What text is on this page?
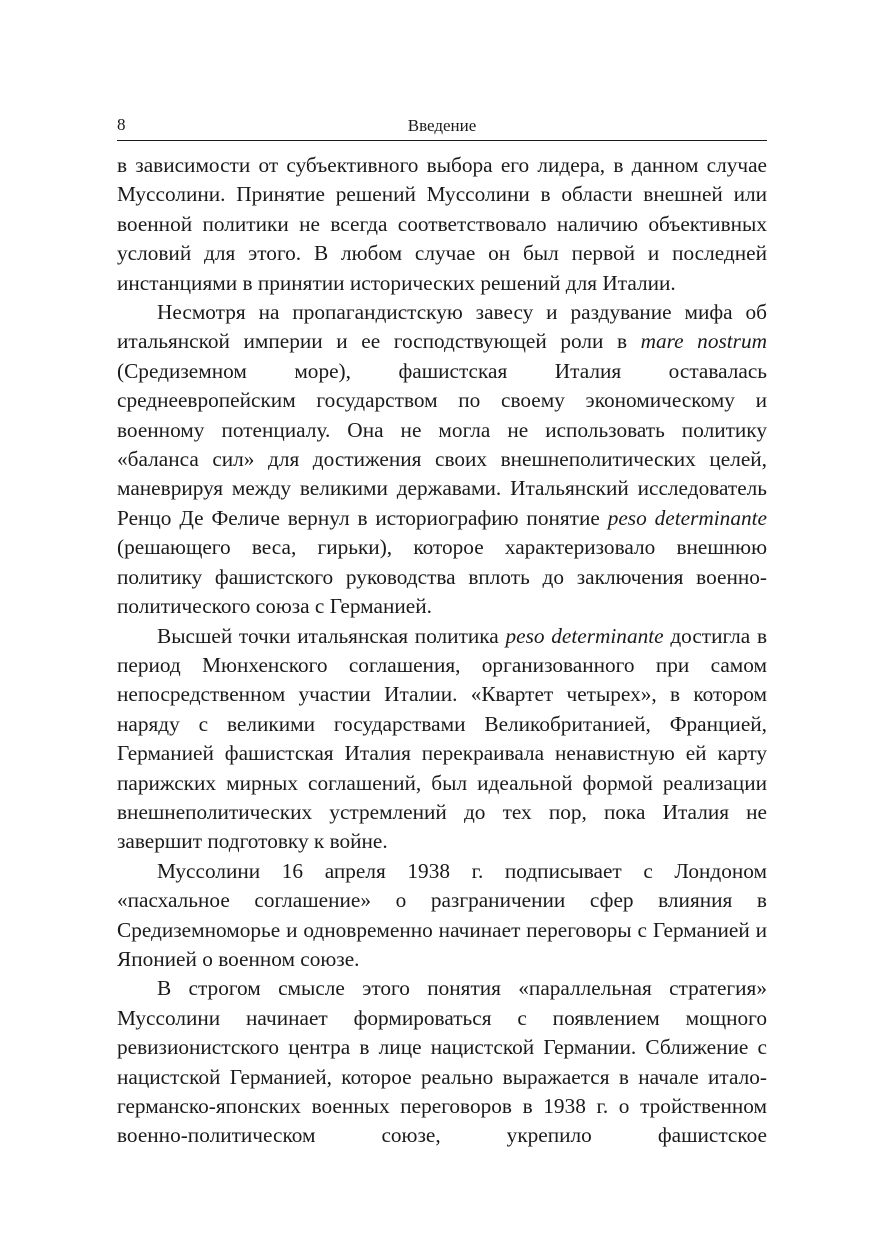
8	Введение

в зависимости от субъективного выбора его лидера, в данном случае Муссолини. Принятие решений Муссолини в области внешней или военной политики не всегда соответствовало наличию объективных условий для этого. В любом случае он был первой и последней инстанциями в принятии исторических решений для Италии.

Несмотря на пропагандистскую завесу и раздувание мифа об итальянской империи и ее господствующей роли в mare nostrum (Средиземном море), фашистская Италия оставалась среднеевропейским государством по своему экономическому и военному потенциалу. Она не могла не использовать политику «баланса сил» для достижения своих внешнеполитических целей, маневрируя между великими державами. Итальянский исследователь Ренцо Де Феличе вернул в историографию понятие peso determinante (решающего веса, гирьки), которое характеризовало внешнюю политику фашистского руководства вплоть до заключения военно-политического союза с Германией.

Высшей точки итальянская политика peso determinante достигла в период Мюнхенского соглашения, организованного при самом непосредственном участии Италии. «Квартет четырех», в котором наряду с великими государствами Великобританией, Францией, Германией фашистская Италия перекраивала ненавистную ей карту парижских мирных соглашений, был идеальной формой реализации внешнеполитических устремлений до тех пор, пока Италия не завершит подготовку к войне.

Муссолини 16 апреля 1938 г. подписывает с Лондоном «пасхальное соглашение» о разграничении сфер влияния в Средиземноморье и одновременно начинает переговоры с Германией и Японией о военном союзе.

В строгом смысле этого понятия «параллельная стратегия» Муссолини начинает формироваться с появлением мощного ревизионистского центра в лице нацистской Германии. Сближение с нацистской Германией, которое реально выражается в начале итало-германско-японских военных переговоров в 1938 г. о тройственном военно-политическом союзе, укрепило фашистское
